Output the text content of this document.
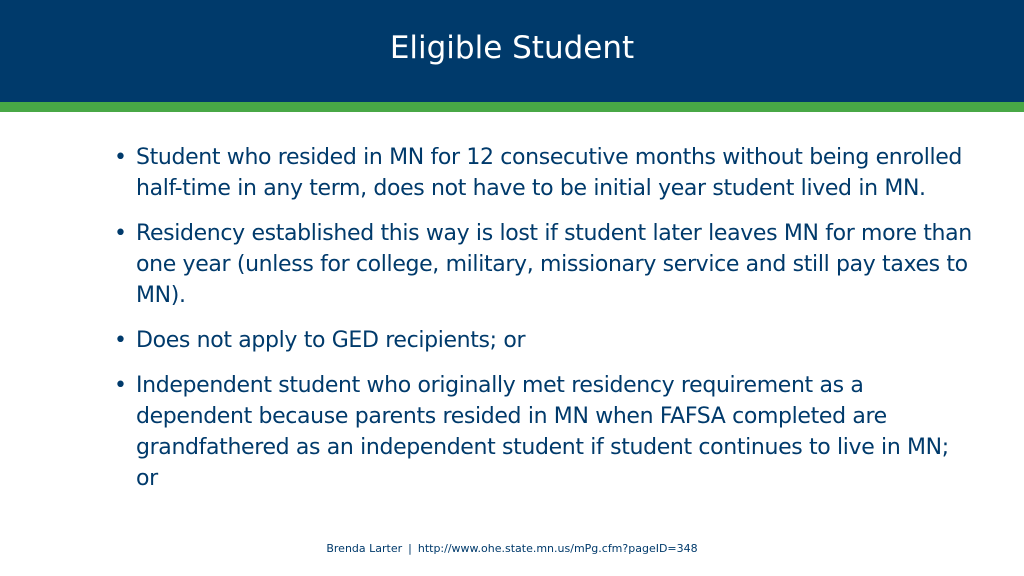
Eligible Student
• Student who resided in MN for 12 consecutive months without being enrolled half-time in any term, does not have to be initial year student lived in MN.
• Residency established this way is lost if student later leaves MN for more than one year (unless for college, military, missionary service and still pay taxes to MN).
• Does not apply to GED recipients; or
• Independent student who originally met residency requirement as a dependent because parents resided in MN when FAFSA completed are grandfathered as an independent student if student continues to live in MN; or
Brenda Larter | http://www.ohe.state.mn.us/mPg.cfm?pageID=348
